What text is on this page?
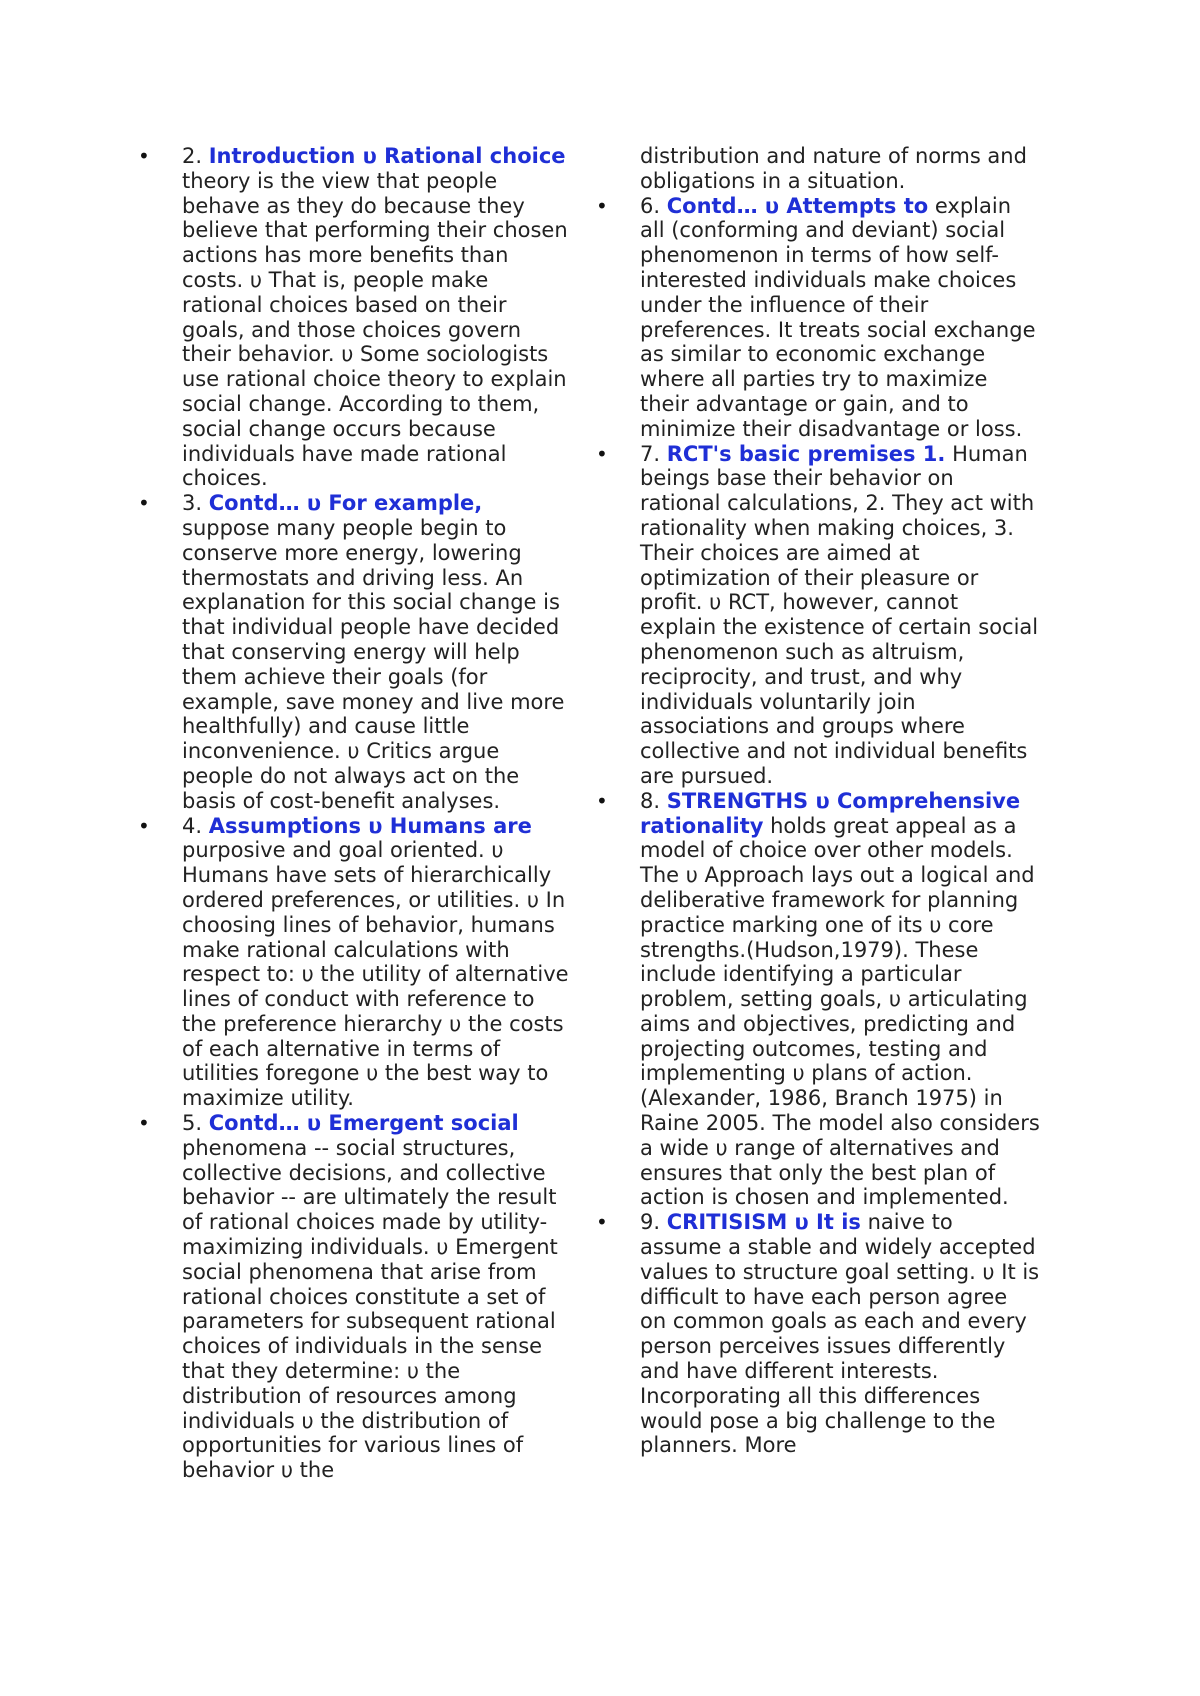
• 2. Introduction υ Rational choice theory is the view that people behave as they do because they believe that performing their chosen actions has more benefits than costs. υ That is, people make rational choices based on their goals, and those choices govern their behavior. υ Some sociologists use rational choice theory to explain social change. According to them, social change occurs because individuals have made rational choices.
• 3. Contd… υ For example, suppose many people begin to conserve more energy, lowering thermostats and driving less. An explanation for this social change is that individual people have decided that conserving energy will help them achieve their goals (for example, save money and live more healthfully) and cause little inconvenience. υ Critics argue people do not always act on the basis of cost-benefit analyses.
• 4. Assumptions υ Humans are purposive and goal oriented. υ Humans have sets of hierarchically ordered preferences, or utilities. υ In choosing lines of behavior, humans make rational calculations with respect to: υ the utility of alternative lines of conduct with reference to the preference hierarchy υ the costs of each alternative in terms of utilities foregone υ the best way to maximize utility.
• 5. Contd… υ Emergent social phenomena -- social structures, collective decisions, and collective behavior -- are ultimately the result of rational choices made by utility-maximizing individuals. υ Emergent social phenomena that arise from rational choices constitute a set of parameters for subsequent rational choices of individuals in the sense that they determine: υ the distribution of resources among individuals υ the distribution of opportunities for various lines of behavior υ the
distribution and nature of norms and obligations in a situation.
• 6. Contd… υ Attempts to explain all (conforming and deviant) social phenomenon in terms of how self-interested individuals make choices under the influence of their preferences. It treats social exchange as similar to economic exchange where all parties try to maximize their advantage or gain, and to minimize their disadvantage or loss.
• 7. RCT's basic premises 1. Human beings base their behavior on rational calculations, 2. They act with rationality when making choices, 3. Their choices are aimed at optimization of their pleasure or profit. υ RCT, however, cannot explain the existence of certain social phenomenon such as altruism, reciprocity, and trust, and why individuals voluntarily join associations and groups where collective and not individual benefits are pursued.
• 8. STRENGTHS υ Comprehensive rationality holds great appeal as a model of choice over other models. The υ Approach lays out a logical and deliberative framework for planning practice marking one of its υ core strengths.(Hudson,1979). These include identifying a particular problem, setting goals, υ articulating aims and objectives, predicting and projecting outcomes, testing and implementing υ plans of action. (Alexander, 1986, Branch 1975) in Raine 2005. The model also considers a wide υ range of alternatives and ensures that only the best plan of action is chosen and implemented.
• 9. CRITISISM υ It is naive to assume a stable and widely accepted values to structure goal setting. υ It is difficult to have each person agree on common goals as each and every person perceives issues differently and have different interests. Incorporating all this differences would pose a big challenge to the planners. More
